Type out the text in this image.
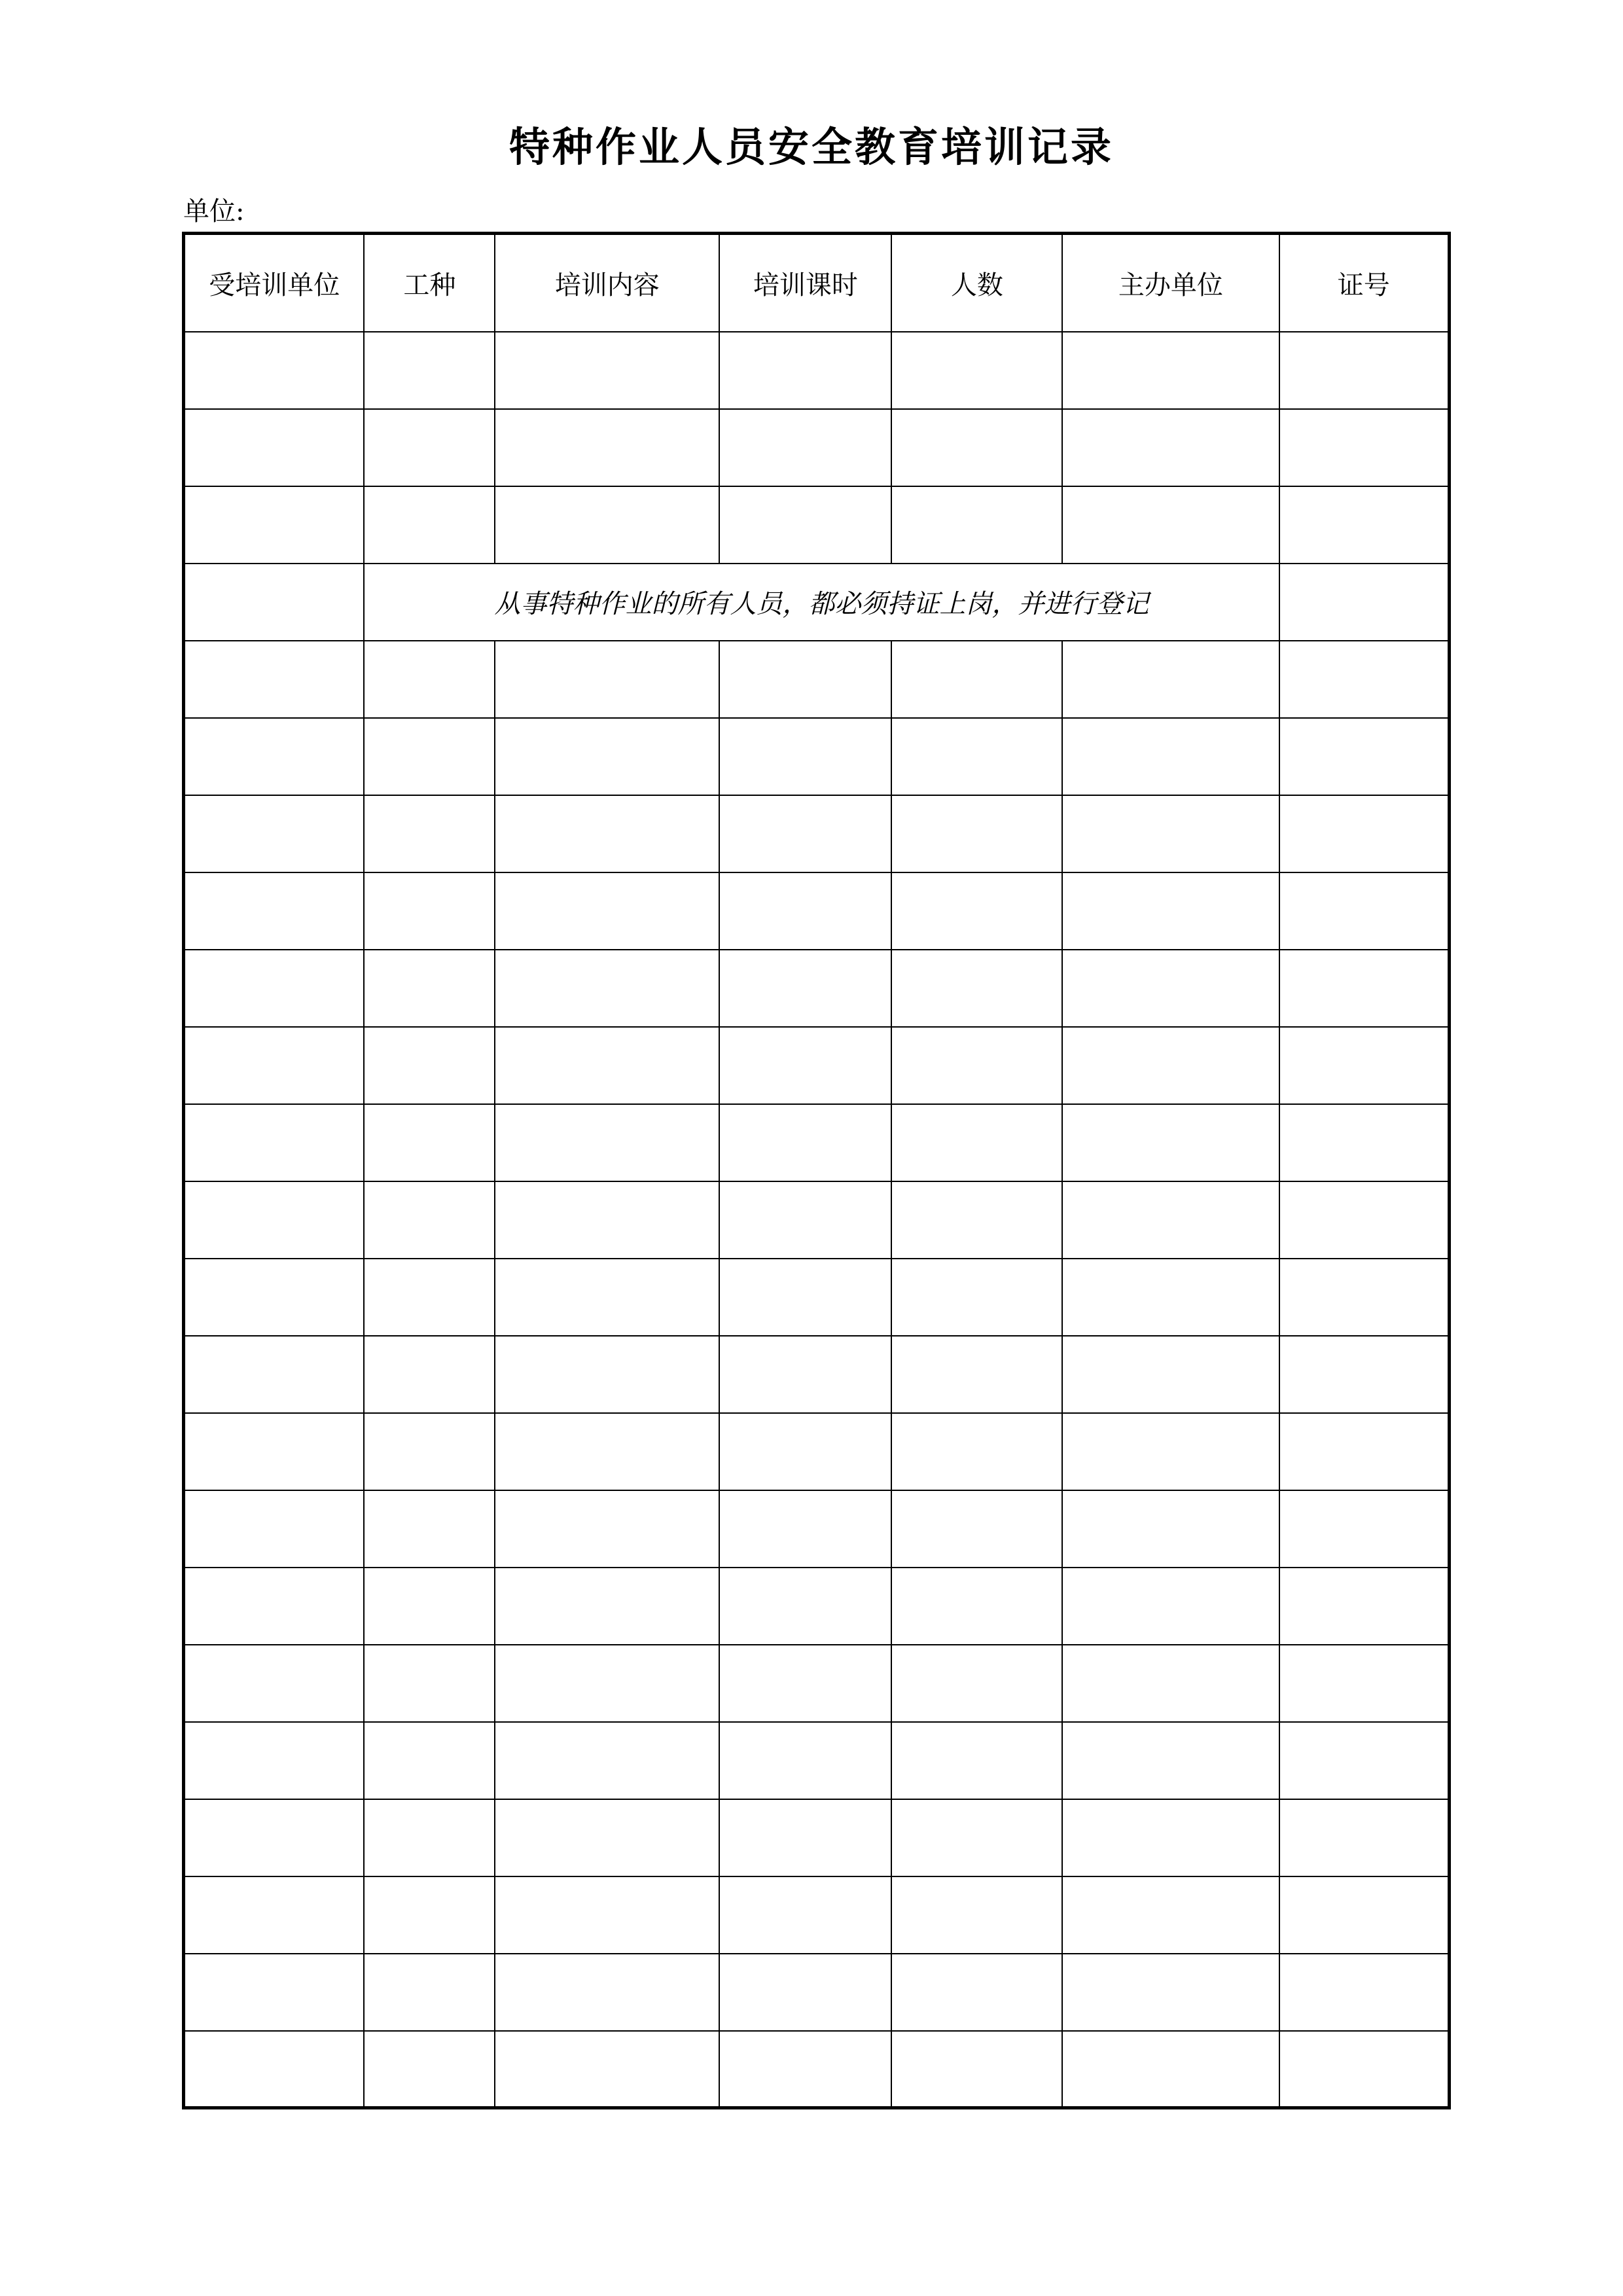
特种作业人员安全教育培训记录
单位:
受培训单位	工种	培训内容	培训课时	人数	主办单位	证号

	从事特种作业的所有人员，都必须持证上岗，并进行登记					
